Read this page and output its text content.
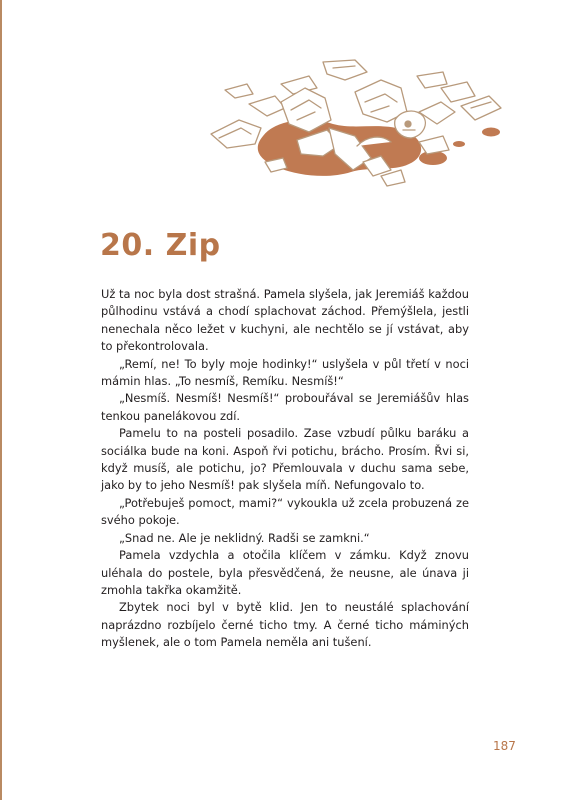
20. Zip

Už ta noc byla dost strašná. Pamela slyšela, jak Jeremiáš každou půlhodinu vstává a chodí splachovat záchod. Přemýšlela, jestli nenechala něco ležet v kuchyni, ale nechtělo se jí vstávat, aby to překontrolovala.

„Remí, ne! To byly moje hodinky!“ uslyšela v půl třetí v noci mámin hlas. „To nesmíš, Remíku. Nesmíš!“

„Nesmíš. Nesmíš! Nesmíš!“ probouřával se Jeremiášův hlas tenkou panelákovou zdí.

Pamelu to na posteli posadilo. Zase vzbudí půlku baráku a sociálka bude na koni. Aspoň řvi potichu, brácho. Prosím. Řvi si, když musíš, ale potichu, jo? Přemlouvala v duchu sama sebe, jako by to jeho Nesmíš! pak slyšela míň. Nefungovalo to.

„Potřebuješ pomoct, mami?“ vykoukla už zcela probuzená ze svého pokoje.

„Snad ne. Ale je neklidný. Radši se zamkni.“

Pamela vzdychla a otočila klíčem v zámku. Když znovu uléhala do postele, byla přesvědčená, že neusne, ale únava ji zmohla takřka okamžitě.

Zbytek noci byl v bytě klid. Jen to neustálé splachování naprázdno rozbíjelo černé ticho tmy. A černé ticho máminých myšlenek, ale o tom Pamela neměla ani tušení.

187
